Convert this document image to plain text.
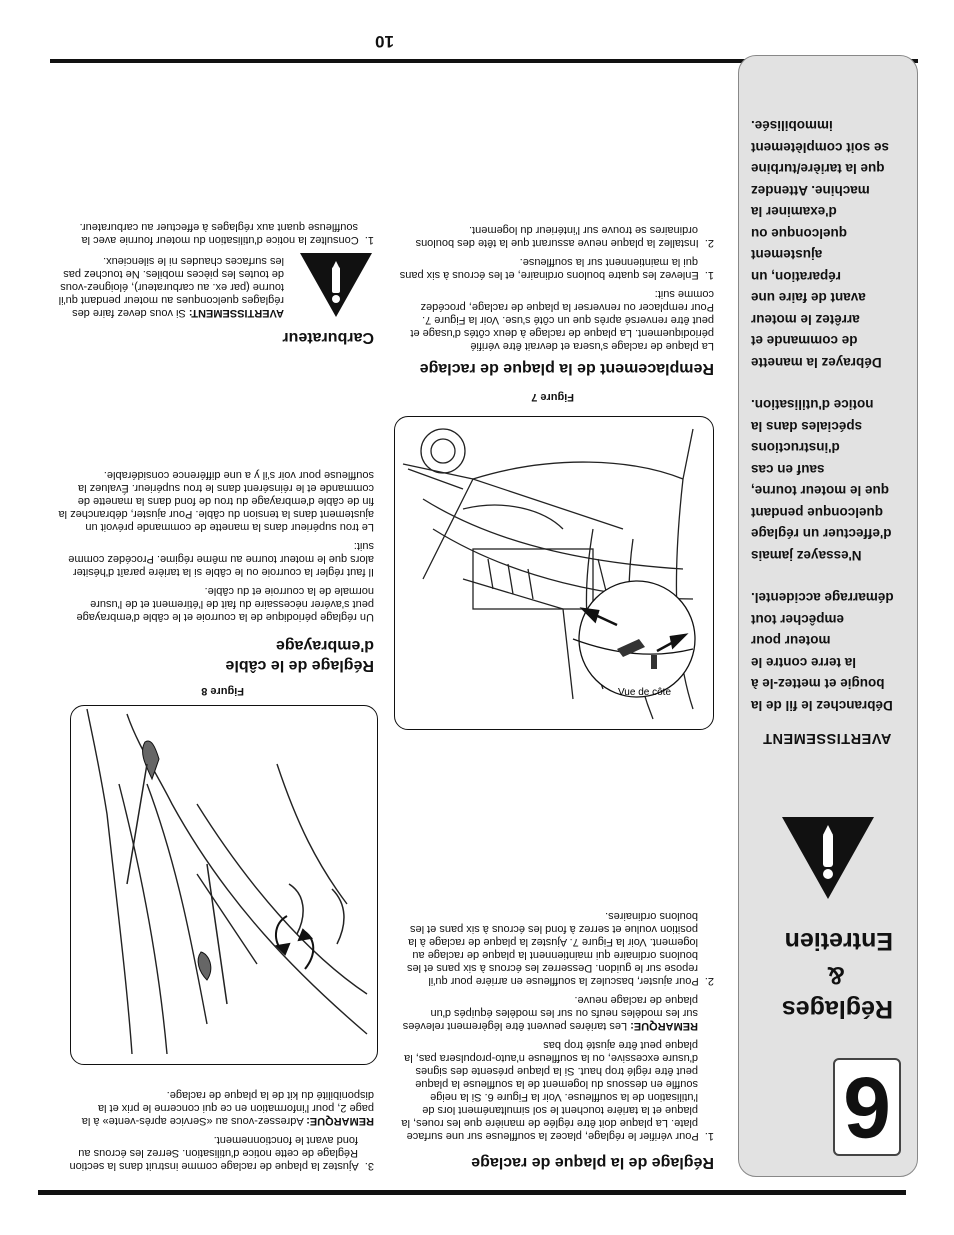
10
6
Réglages
&
Entretien
AVERTISSEMENT

Débranchez le fil de la bougie et mettez-le à la terre contre le moteur pour empêcher tout démarrage accidentel.

N'essayez jamais d'effectuer un réglage quelconque pendant que le moteur tourne, sauf en cas d'instructions spéciales dans la notice d'utilisation.

Débrayez la manette de commande et arrêtez le moteur avant de faire une réparation, un ajustement quelconque ou d'examiner la machine. Attendez que la tarière/turbine se soit complètement immobilisée.

Réglage de la plaque de raclage

1.  Pour vérifier le réglage, placez la souffleuse sur une surface plate. La plaque doit être réglée de manière que les roues, la plaque et la tarière touchent le sol simultanément lors de l'utilisation de la souffleuse. Voir la Figure 6. Si la neige souffle en dessous du logement de la souffleuse la plaque peut être réglé trop haut. Si la plaque présente des signes d'usure excessive, ou la souffleuse n'auto-propulsera pas, la plaque peut être ajusté trop bas

REMARQUE: Les tarières peuvent être légèrement relevées sur les modèles neufs ou sur les modèles équipés d'un plaque de raclage neuve.

2.  Pour ajuster, basculez la souffleuse en arrière pour qu'il repose sur le guidon. Desserrez les écrous à six pans et les boulons ordinaire qui maintiennent la plaque de raclage au logement. Voir la Figure 7. Ajustez la plaque de raclage à la position voulue et serrez à fond les écrous à six pans et les boulons ordinaires.

Vue de côte
Figure 7
Remplacement de la plaque de raclage

La plaque de raclage s'usera et devrait être vérifié périodiquement. La plaque de raclage à deux côtés d'usage et peut être renversé après que un côté s'use. Voir la Figure 7. Pour remplacer ou renverser la plaque de raclage, procédez comme suit:

1.  Enlevez les quatre boulons ordinaire, et les écrous à six pans qui la maintiennent sur la souffleuse.

2.  Installez la plaque neuve assurant que la tête des boulons ordinaires se trouve sur l'intérieur du logement.

3.  Ajustez la plaque de raclage comme instruit dans la section Réglage de cette notice d'utilisation. Serrez les écrous au fond avant le fonctionnement.

REMARQUE: Adressez-vous au «Service après-vente» à la page 2, pour l'information en ce qui concerne le prix et la disponibilité du kit de la plaque de raclage.

Figure 8
Réglage de le câble d'embrayage

Un réglage périodique de la courroie et le câble d'embrayage peut s'avérer nécessaire du fait de l'étirement et de l'usure normale de la courroie et du câble.

Il faut régler la courroie ou le câble si la tarière paraît d'hésiter alors que le moteur tourne au même régime. Procédez comme suit:

Le trou supérieur dans la manette de commande prévoit un ajustement dans la tension du câble. Pour ajuster, débranchez la fin de câble d'embrayage du trou de fond dans la manette de commande et le réinsérent dans le trou supérieur. Évaluez la souffleuse pour voir s'il y a une différence considérable.

Carburateur

AVERTISSEMENT: Si vous devez faire des réglages quelconques au moteur pendant qu'il tourne (par ex. au carburateur), éloignez-vous de toutes les pièces mobiles. Ne touchez pas les surfaces chaudes ni le silencieux.

1.  Consultez la notice d'utilisation du moteur fournie avec la souffleuse quant aux réglages à effectuer au carburateur.
